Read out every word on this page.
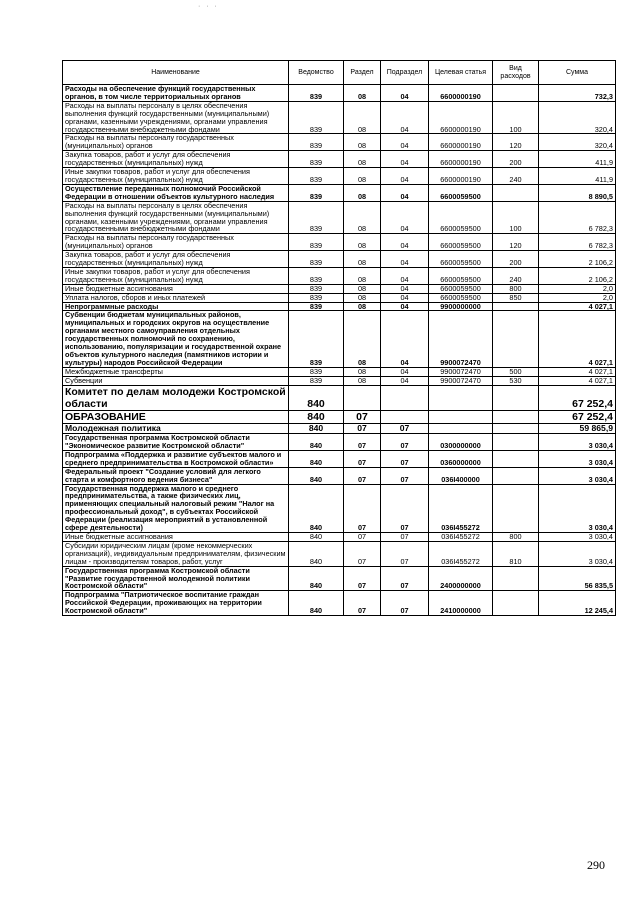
· · ·
Наименование	Ведомство	Раздел	Подраздел	Целевая статья	Вид расходов	Сумма
Расходы на обеспечение функций государственных органов, в том числе территориальных органов	839	08	04	6600000190		732,3
Расходы на выплаты персоналу в целях обеспечения выполнения функций государственными (муниципальными) органами, казенными учреждениями, органами управления государственными внебюджетными фондами	839	08	04	6600000190	100	320,4
Расходы на выплаты персоналу государственных (муниципальных) органов	839	08	04	6600000190	120	320,4
Закупка товаров, работ и услуг для обеспечения государственных (муниципальных) нужд	839	08	04	6600000190	200	411,9
Иные закупки товаров, работ и услуг для обеспечения государственных (муниципальных) нужд	839	08	04	6600000190	240	411,9
Осуществление переданных полномочий Российской Федерации в отношении объектов культурного наследия	839	08	04	6600059500		8 890,5
Расходы на выплаты персоналу в целях обеспечения выполнения функций государственными (муниципальными) органами, казенными учреждениями, органами управления государственными внебюджетными фондами	839	08	04	6600059500	100	6 782,3
Расходы на выплаты персоналу государственных (муниципальных) органов	839	08	04	6600059500	120	6 782,3
Закупка товаров, работ и услуг для обеспечения государственных (муниципальных) нужд	839	08	04	6600059500	200	2 106,2
Иные закупки товаров, работ и услуг для обеспечения государственных (муниципальных) нужд	839	08	04	6600059500	240	2 106,2
Иные бюджетные ассигнования	839	08	04	6600059500	800	2,0
Уплата налогов, сборов и иных платежей	839	08	04	6600059500	850	2,0
Непрограммные расходы	839	08	04	9900000000		4 027,1
Субвенции бюджетам муниципальных районов, муниципальных и городских округов на осуществление органами местного самоуправления отдельных государственных полномочий по сохранению, использованию, популяризации и государственной охране объектов культурного наследия (памятников истории и культуры) народов Российской Федерации	839	08	04	9900072470		4 027,1
Межбюджетные трансферты	839	08	04	9900072470	500	4 027,1
Субвенции	839	08	04	9900072470	530	4 027,1
Комитет по делам молодежи Костромской области	840					67 252,4
ОБРАЗОВАНИЕ	840	07				67 252,4
Молодежная политика	840	07	07			59 865,9
Государственная программа Костромской области "Экономическое развитие Костромской области"	840	07	07	0300000000		3 030,4
Подпрограмма «Поддержка и развитие субъектов малого и среднего предпринимательства в Костромской области»	840	07	07	0360000000		3 030,4
Федеральный проект "Создание условий для легкого старта и комфортного ведения бизнеса"	840	07	07	036I400000		3 030,4
Государственная поддержка малого и среднего предпринимательства, а также физических лиц, применяющих специальный налоговый режим "Налог на профессиональный доход", в субъектах Российской Федерации (реализация мероприятий в установленной сфере деятельности)	840	07	07	036I455272		3 030,4
Иные бюджетные ассигнования	840	07	07	036I455272	800	3 030,4
Субсидии юридическим лицам (кроме некоммерческих организаций), индивидуальным предпринимателям, физическим лицам - производителям товаров, работ, услуг	840	07	07	036I455272	810	3 030,4
Государственная программа Костромской области "Развитие государственной молодежной политики Костромской области"	840	07	07	2400000000		56 835,5
Подпрограмма "Патриотическое воспитание граждан Российской Федерации, проживающих на территории Костромской области"	840	07	07	2410000000		12 245,4
290
